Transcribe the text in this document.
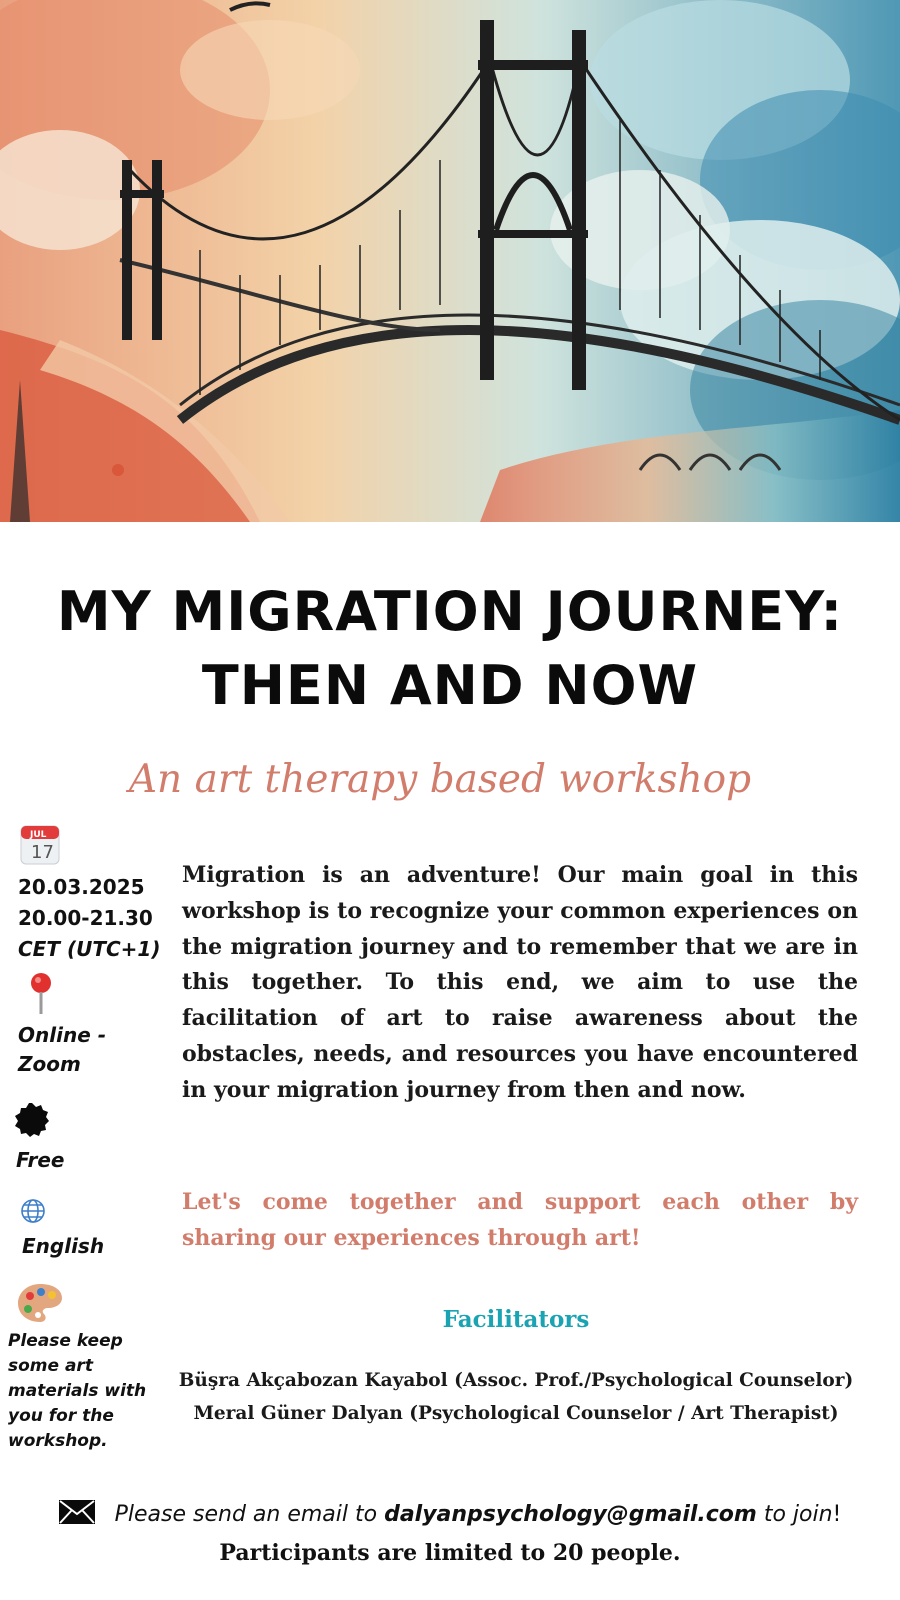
MY MIGRATION JOURNEY:
THEN AND NOW
An art therapy based workshop
JUL
17
20.03.2025
20.00-21.30
CET (UTC+1)
Online -
Zoom
Free
English
Please keep
some art
materials with
you for the
workshop.

Migration is an adventure! Our main goal in this workshop is to recognize your common experiences on the migration journey and to remember that we are in this together. To this end, we aim to use the facilitation of art to raise awareness about the obstacles, needs, and resources you have encountered in your migration journey from then and now.

Let's come together and support each other by sharing our experiences through art!

Facilitators
Büşra Akçabozan Kayabol (Assoc. Prof./Psychological Counselor)
Meral Güner Dalyan (Psychological Counselor / Art Therapist)
Please send an email to dalyanpsychology@gmail.com to join!
Participants are limited to 20 people.
